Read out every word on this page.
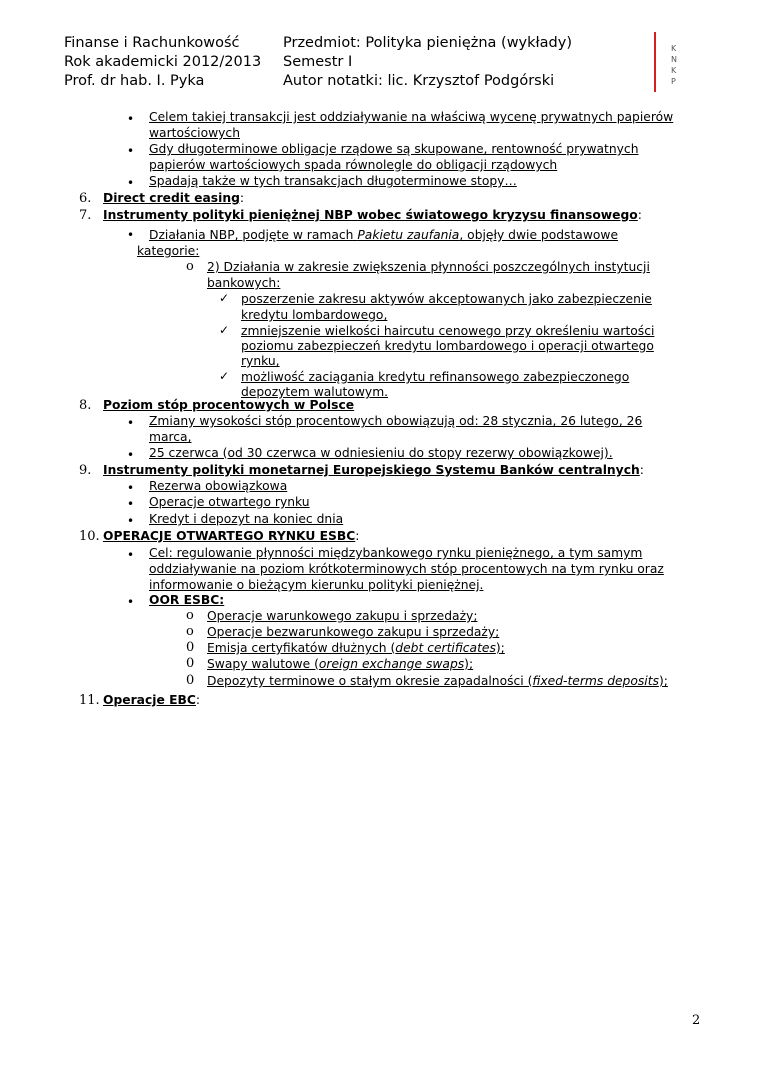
Finanse i Rachunkowość
Rok akademicki 2012/2013
Prof. dr hab. I. Pyka
Przedmiot: Polityka pieniężna (wykłady)
Semestr I
Autor notatki: lic. Krzysztof Podgórski
K
N
K
P
• Celem takiej transakcji jest oddziaływanie na właściwą wycenę prywatnych papierów
wartościowych
• Gdy długoterminowe obligacje rządowe są skupowane, rentowność prywatnych
papierów wartościowych spada równolegle do obligacji rządowych
• Spadają także w tych transakcjach długoterminowe stopy…
6. Direct credit easing:
7. Instrumenty polityki pieniężnej NBP wobec światowego kryzysu finansowego:
• Działania NBP, podjęte w ramach Pakietu zaufania, objęły dwie podstawowe
kategorie:
o 2) Działania w zakresie zwiększenia płynności poszczególnych instytucji
bankowych:
✓ poszerzenie zakresu aktywów akceptowanych jako zabezpieczenie
kredytu lombardowego,
✓ zmniejszenie wielkości haircutu cenowego przy określeniu wartości
poziomu zabezpieczeń kredytu lombardowego i operacji otwartego
rynku,
✓ możliwość zaciągania kredytu refinansowego zabezpieczonego
depozytem walutowym.
8. Poziom stóp procentowych w Polsce
• Zmiany wysokości stóp procentowych obowiązują od: 28 stycznia, 26 lutego, 26
marca,
• 25 czerwca (od 30 czerwca w odniesieniu do stopy rezerwy obowiązkowej).
9. Instrumenty polityki monetarnej Europejskiego Systemu Banków centralnych:
• Rezerwa obowiązkowa
• Operacje otwartego rynku
• Kredyt i depozyt na koniec dnia
10. OPERACJE OTWARTEGO RYNKU ESBC:
• Cel: regulowanie płynności międzybankowego rynku pieniężnego, a tym samym
oddziaływanie na poziom krótkoterminowych stóp procentowych na tym rynku oraz
informowanie o bieżącym kierunku polityki pieniężnej.
• OOR ESBC:
o Operacje warunkowego zakupu i sprzedaży;
o Operacje bezwarunkowego zakupu i sprzedaży;
0 Emisja certyfikatów dłużnych (debt certificates);
0 Swapy walutowe (oreign exchange swaps);
0 Depozyty terminowe o stałym okresie zapadalności (fixed-terms deposits);
11. Operacje EBC:
2
